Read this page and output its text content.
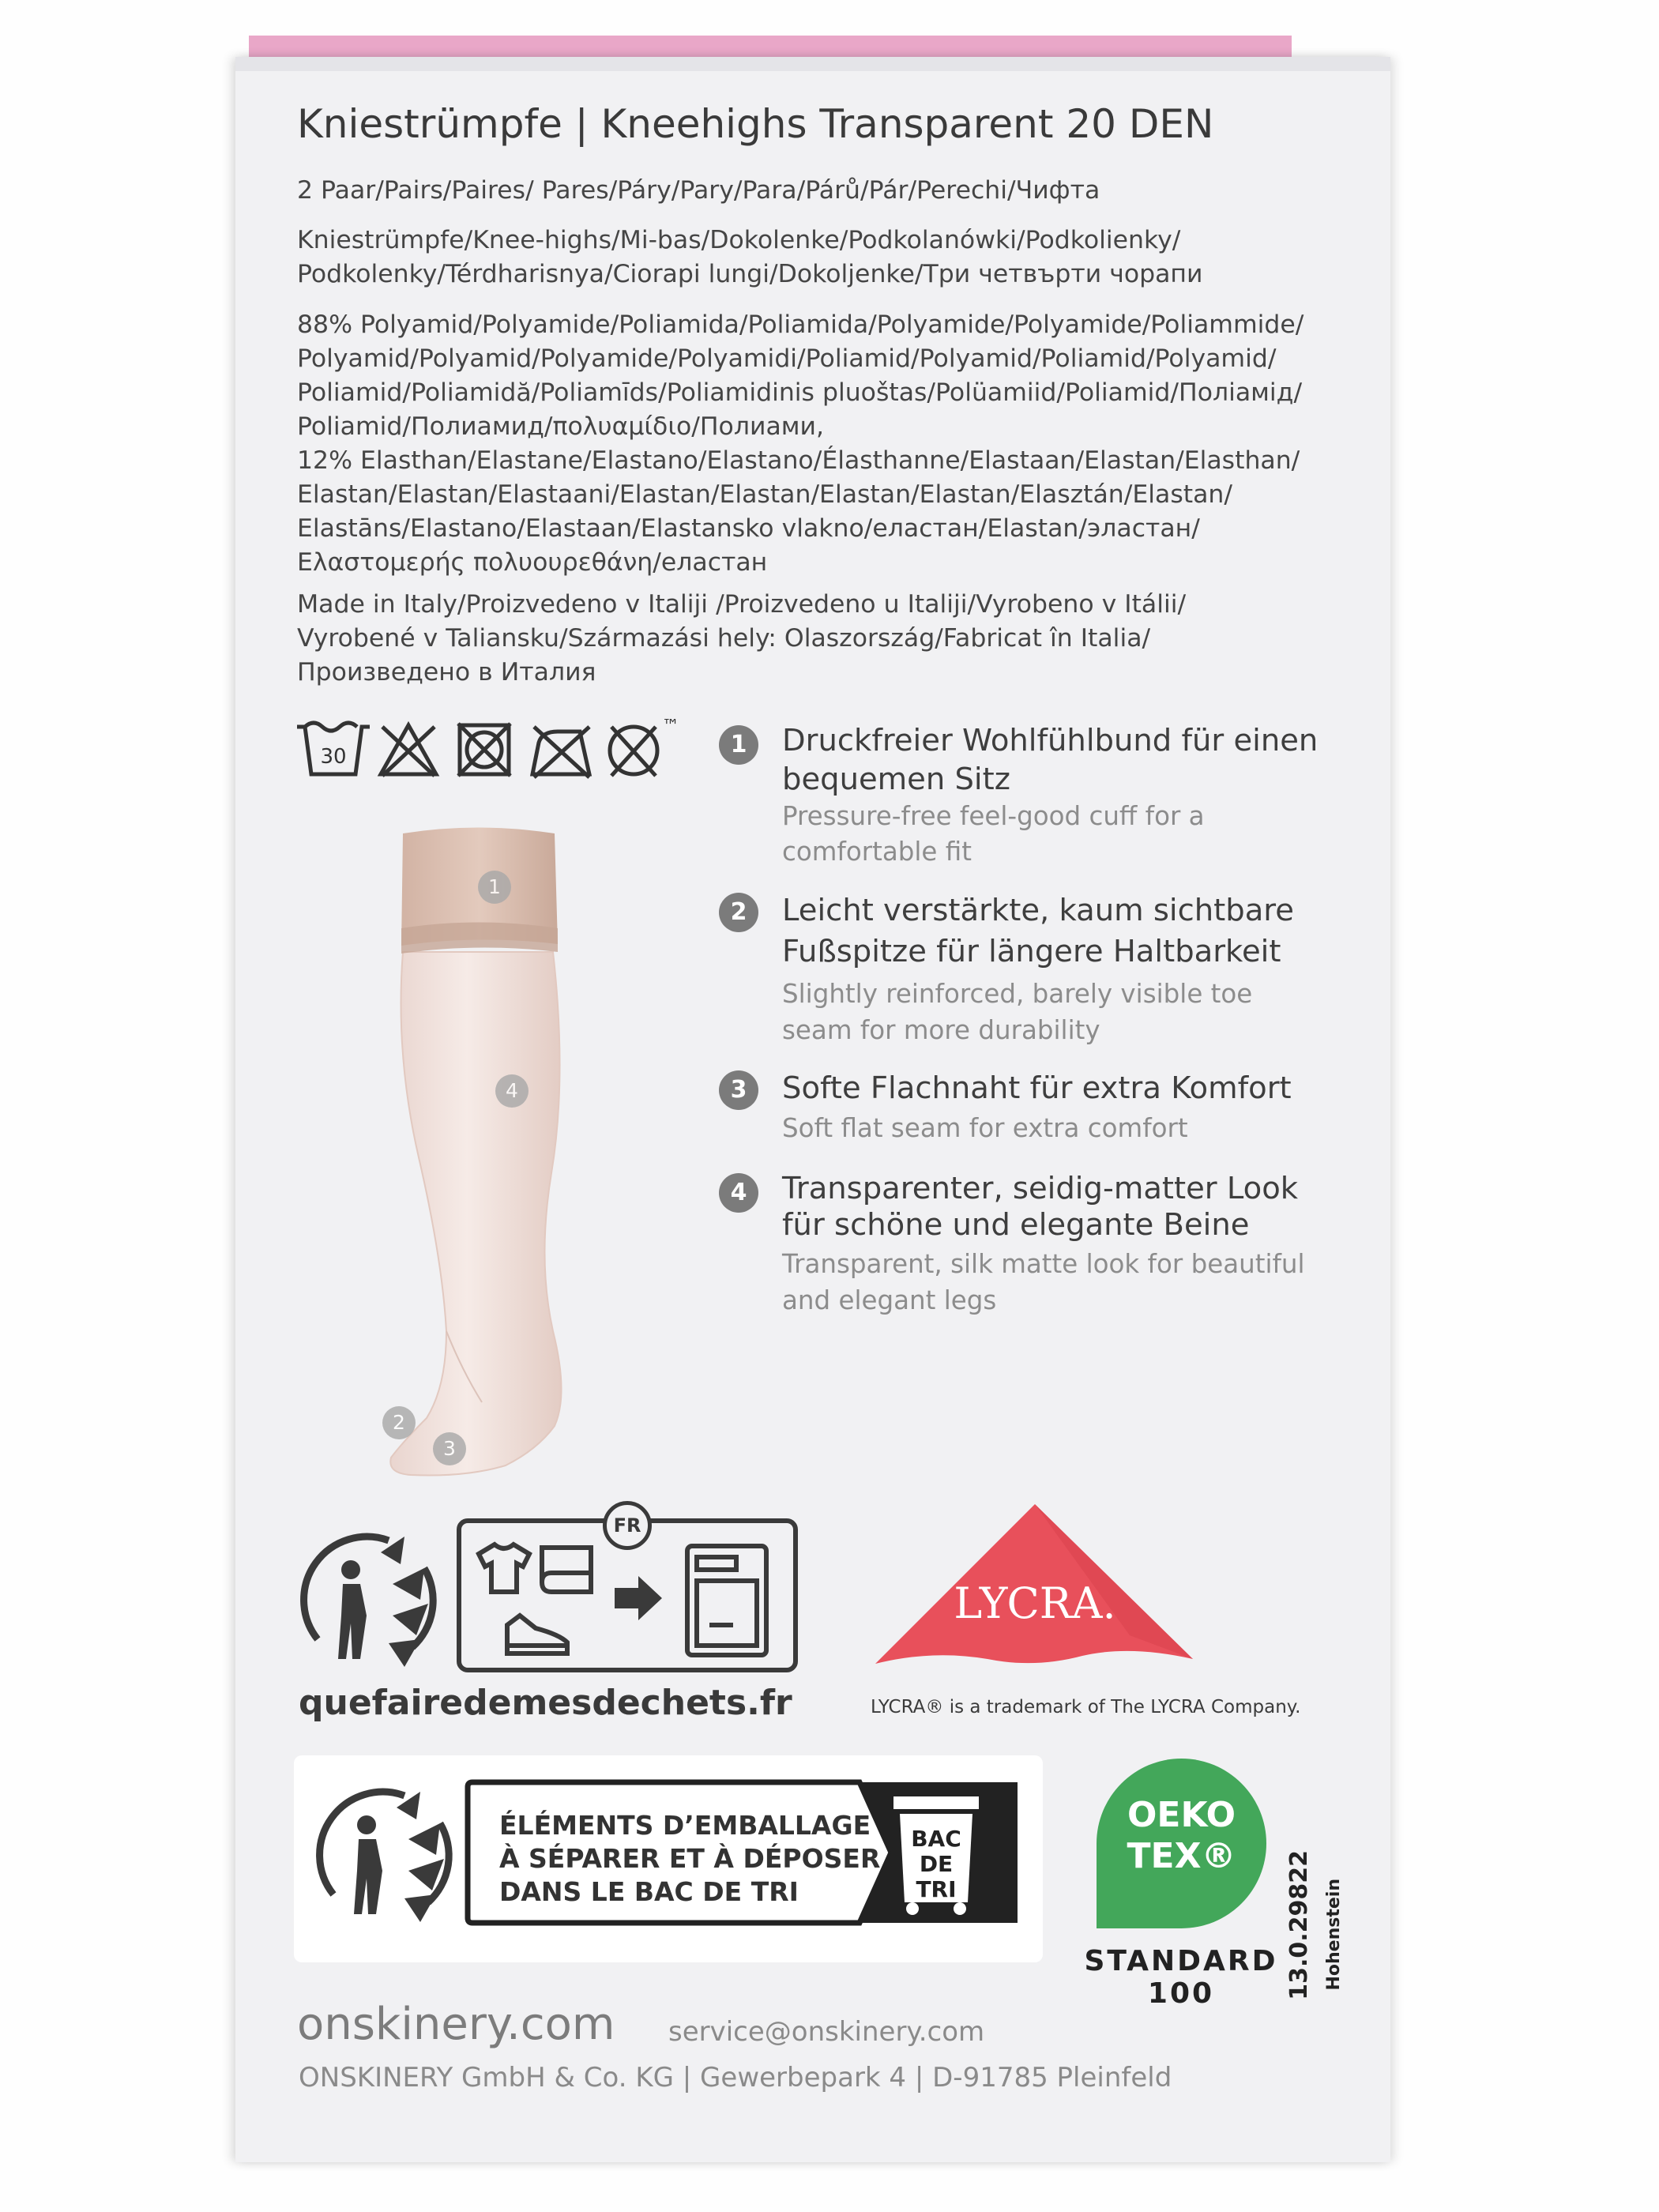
Kniestrümpfe | Kneehighs Transparent 20 DEN
2 Paar/Pairs/Paires/ Pares/Páry/Pary/Para/Párů/Pár/Perechi/Чифта
Kniestrümpfe/Knee-highs/Mi-bas/Dokolenke/Podkolanówki/Podkolienky/
Podkolenky/Térdharisnya/Ciorapi lungi/Dokoljenke/Три четвърти чорапи
88% Polyamid/Polyamide/Poliamida/Poliamida/Polyamide/Polyamide/Poliammide/
Polyamid/Polyamid/Polyamide/Polyamidi/Poliamid/Polyamid/Poliamid/Polyamid/
Poliamid/Poliamidă/Poliamīds/Poliamidinis pluoštas/Polüamiid/Poliamid/Поліамід/
Poliamid/Полиамид/πολυαμίδιο/Полиами,
12% Elasthan/Elastane/Elastano/Elastano/Élasthanne/Elastaan/Elastan/Elasthan/
Elastan/Elastan/Elastaani/Elastan/Elastan/Elastan/Elastan/Elasztán/Elastan/
Elastāns/Elastano/Elastaan/Elastansko vlakno/еластан/Elastan/эластан/
Ελαστομερής πολυουρεθάνη/еластан
Made in Italy/Proizvedeno v Italiji /Proizvedeno u Italiji/Vyrobeno v Itálii/
Vyrobené v Taliansku/Származási hely: Olaszország/Fabricat în Italia/
Произведено в Италия
30
™
1
4
2
3
1	Druckfreier Wohlfühlbund für einen
bequemen Sitz
Pressure-free feel-good cuff for a
comfortable fit
2	Leicht verstärkte, kaum sichtbare
Fußspitze für längere Haltbarkeit
Slightly reinforced, barely visible toe
seam for more durability
3	Softe Flachnaht für extra Komfort
Soft flat seam for extra comfort
4	Transparenter, seidig-matter Look
für schöne und elegante Beine
Transparent, silk matte look for beautiful
and elegant legs
FR
quefairedemesdechets.fr
LYCRA.
LYCRA® is a trademark of The LYCRA Company.
ÉLÉMENTS D’EMBALLAGE
À SÉPARER ET À DÉPOSER
DANS LE BAC DE TRI
BAC
DE
TRI
OEKO
TEX®
STANDARD
100	13.0.29822 Hohenstein
onskinery.com service@onskinery.com
ONSKINERY GmbH & Co. KG | Gewerbepark 4 | D-91785 Pleinfeld
